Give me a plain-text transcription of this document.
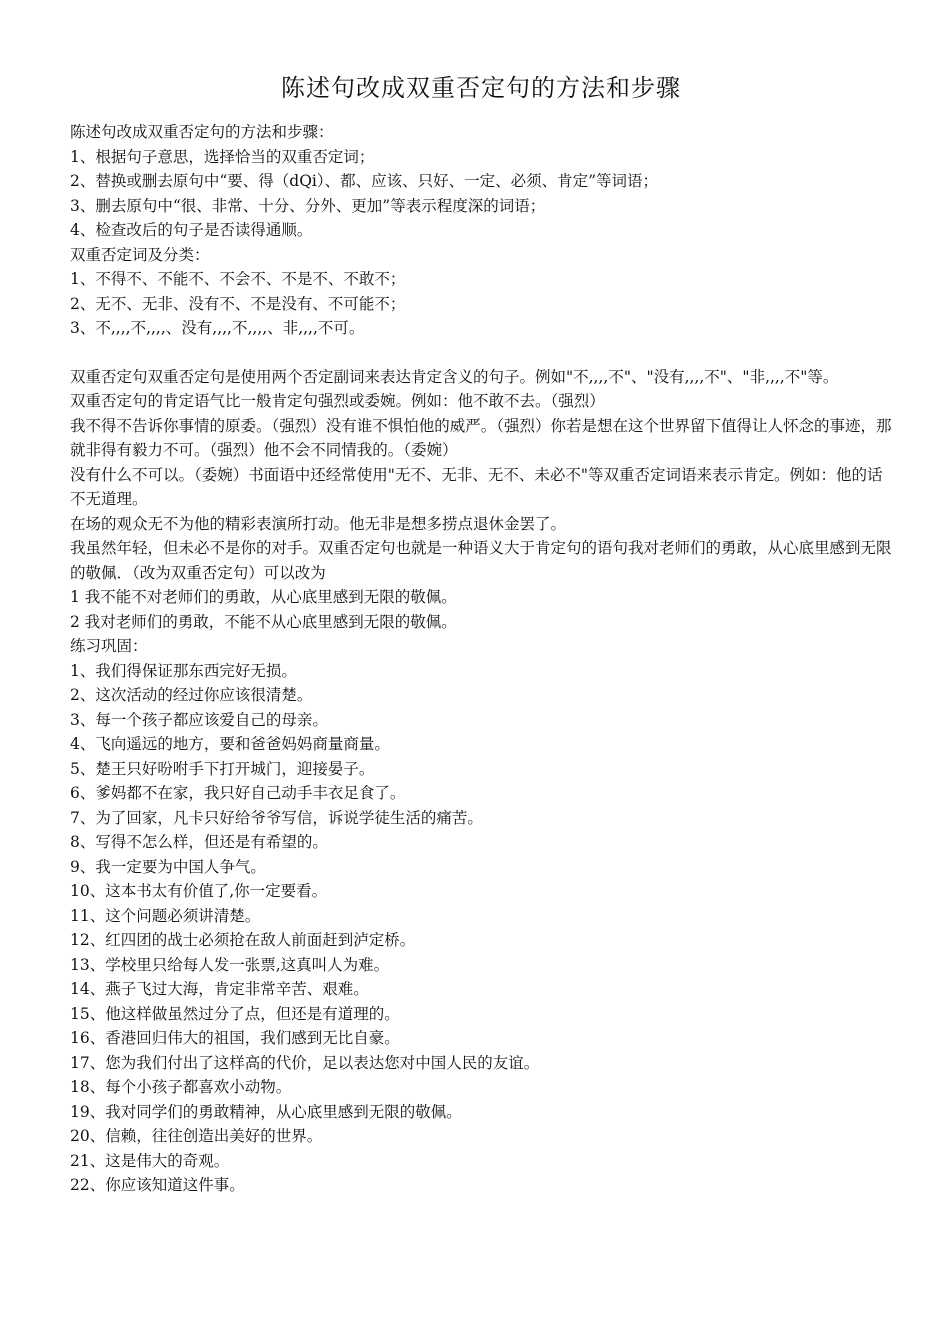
陈述句改成双重否定句的方法和步骤

陈述句改成双重否定句的方法和步骤：

1、根据句子意思，选择恰当的双重否定词；

2、替换或删去原句中“要、得（dQi）、都、应该、只好、一定、必须、肯定”等词语；

3、删去原句中“很、非常、十分、分外、更加”等表示程度深的词语；

4、检查改后的句子是否读得通顺。

双重否定词及分类：

1、不得不、不能不、不会不、不是不、不敢不；

2、无不、无非、没有不、不是没有、不可能不；

3、不,,,,不,,,,、没有,,,,不,,,,、非,,,,不可。

双重否定句双重否定句是使用两个否定副词来表达肯定含义的句子。例如"不,,,,不"、"没有,,,,不"、"非,,,,不"等。

双重否定句的肯定语气比一般肯定句强烈或委婉。例如：他不敢不去。（强烈）

我不得不告诉你事情的原委。（强烈）没有谁不惧怕他的威严。（强烈）你若是想在这个世界留下值得让人怀念的事迹，那就非得有毅力不可。（强烈）他不会不同情我的。（委婉）

没有什么不可以。（委婉）书面语中还经常使用"无不、无非、无不、未必不"等双重否定词语来表示肯定。例如：他的话不无道理。

在场的观众无不为他的精彩表演所打动。他无非是想多捞点退休金罢了。

我虽然年轻，但未必不是你的对手。双重否定句也就是一种语义大于肯定句的语句我对老师们的勇敢，从心底里感到无限的敬佩．（改为双重否定句）可以改为

1 我不能不对老师们的勇敢，从心底里感到无限的敬佩。

2 我对老师们的勇敢，不能不从心底里感到无限的敬佩。

练习巩固：

1、我们得保证那东西完好无损。

2、这次活动的经过你应该很清楚。

3、每一个孩子都应该爱自己的母亲。

4、飞向遥远的地方，要和爸爸妈妈商量商量。

5、楚王只好吩咐手下打开城门，迎接晏子。

6、爹妈都不在家，我只好自己动手丰衣足食了。

7、为了回家，凡卡只好给爷爷写信，诉说学徒生活的痛苦。

8、写得不怎么样，但还是有希望的。

9、我一定要为中国人争气。

10、这本书太有价值了,你一定要看。

11、这个问题必须讲清楚。

12、红四团的战士必须抢在敌人前面赶到泸定桥。

13、学校里只给每人发一张票,这真叫人为难。

14、燕子飞过大海，肯定非常辛苦、艰难。

15、他这样做虽然过分了点，但还是有道理的。

16、香港回归伟大的祖国，我们感到无比自豪。

17、您为我们付出了这样高的代价，足以表达您对中国人民的友谊。

18、每个小孩子都喜欢小动物。

19、我对同学们的勇敢精神，从心底里感到无限的敬佩。

20、信赖，往往创造出美好的世界。

21、这是伟大的奇观。

22、你应该知道这件事。
